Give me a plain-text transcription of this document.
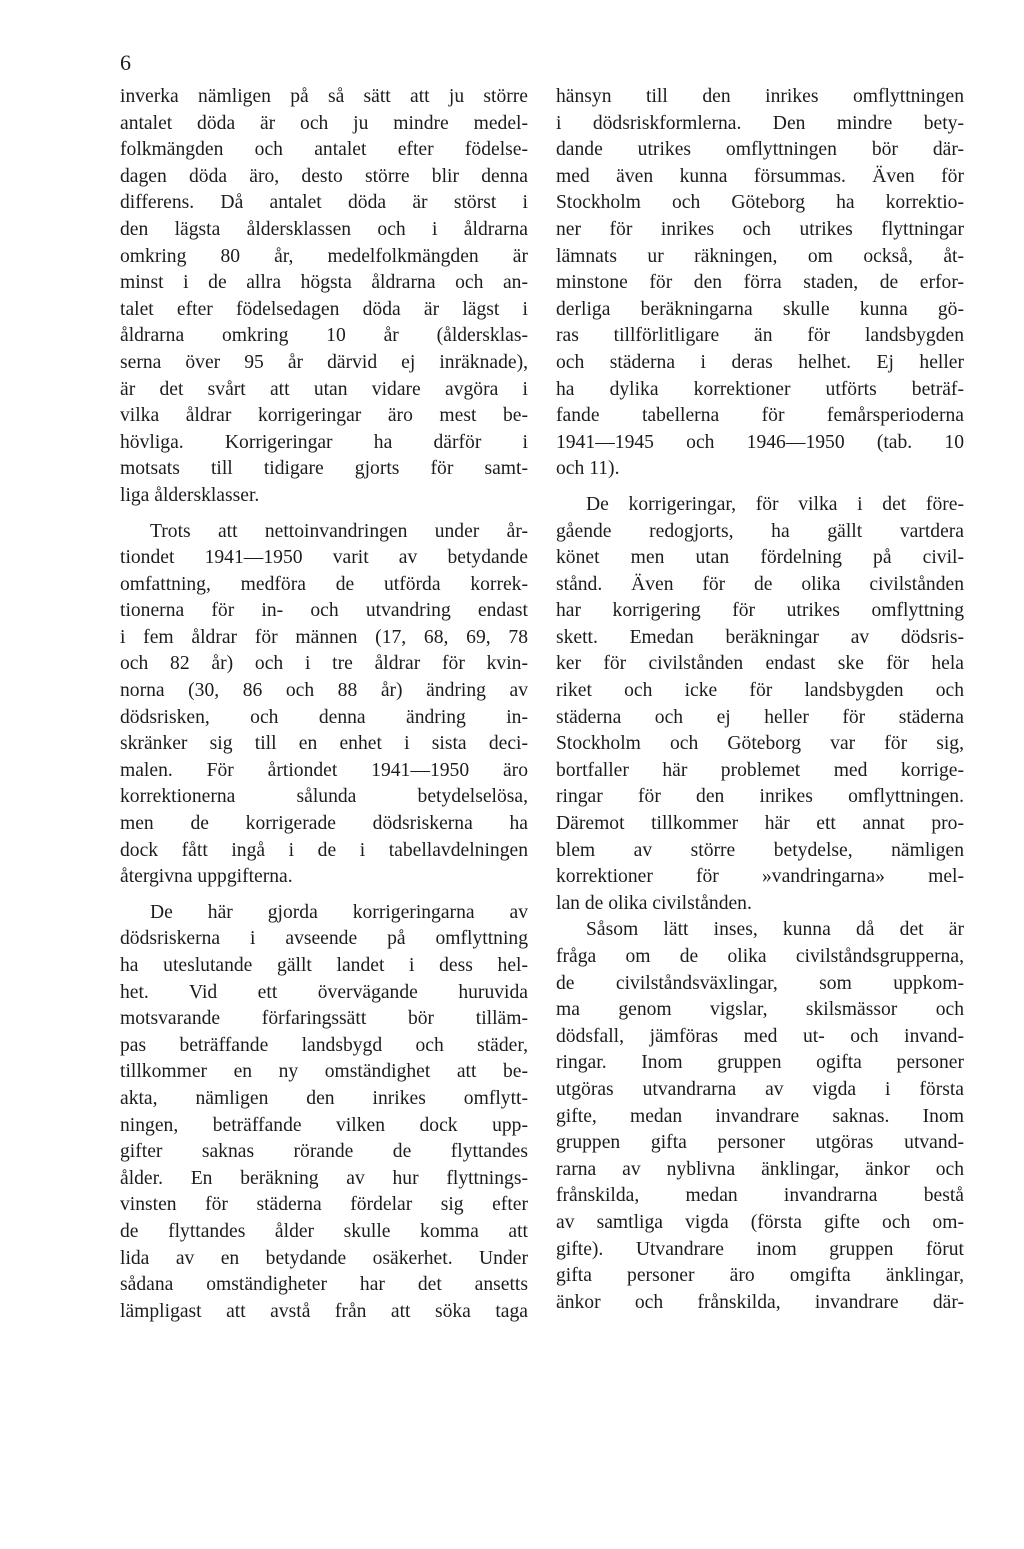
6
inverka nämligen på så sätt att ju större
antalet döda är och ju mindre medel-
folkmängden och antalet efter födelse-
dagen döda äro, desto större blir denna
differens. Då antalet döda är störst i
den lägsta åldersklassen och i åldrarna
omkring 80 år, medelfolkmängden är
minst i de allra högsta åldrarna och an-
talet efter födelsedagen döda är lägst i
åldrarna omkring 10 år (åldersklas-
serna över 95 år därvid ej inräknade),
är det svårt att utan vidare avgöra i
vilka åldrar korrigeringar äro mest be-
hövliga. Korrigeringar ha därför i
motsats till tidigare gjorts för samt-
liga åldersklasser.
Trots att nettoinvandringen under år-
tiondet 1941—1950 varit av betydande
omfattning, medföra de utförda korrek-
tionerna för in- och utvandring endast
i fem åldrar för männen (17, 68, 69, 78
och 82 år) och i tre åldrar för kvin-
norna (30, 86 och 88 år) ändring av
dödsrisken, och denna ändring in-
skränker sig till en enhet i sista deci-
malen. För årtiondet 1941—1950 äro
korrektionerna sålunda betydelselösa,
men de korrigerade dödsriskerna ha
dock fått ingå i de i tabellavdelningen
återgivna uppgifterna.
De här gjorda korrigeringarna av
dödsriskerna i avseende på omflyttning
ha uteslutande gällt landet i dess hel-
het. Vid ett övervägande huruvida
motsvarande förfaringssätt bör tilläm-
pas beträffande landsbygd och städer,
tillkommer en ny omständighet att be-
akta, nämligen den inrikes omflytt-
ningen, beträffande vilken dock upp-
gifter saknas rörande de flyttandes
ålder. En beräkning av hur flyttnings-
vinsten för städerna fördelar sig efter
de flyttandes ålder skulle komma att
lida av en betydande osäkerhet. Under
sådana omständigheter har det ansetts
lämpligast att avstå från att söka taga
hänsyn till den inrikes omflyttningen
i dödsriskformlerna. Den mindre bety-
dande utrikes omflyttningen bör där-
med även kunna försummas. Även för
Stockholm och Göteborg ha korrektio-
ner för inrikes och utrikes flyttningar
lämnats ur räkningen, om också, åt-
minstone för den förra staden, de erfor-
derliga beräkningarna skulle kunna gö-
ras tillförlitligare än för landsbygden
och städerna i deras helhet. Ej heller
ha dylika korrektioner utförts beträf-
fande tabellerna för femårsperioderna
1941—1945 och 1946—1950 (tab. 10
och 11).
De korrigeringar, för vilka i det före-
gående redogjorts, ha gällt vartdera
könet men utan fördelning på civil-
stånd. Även för de olika civilstånden
har korrigering för utrikes omflyttning
skett. Emedan beräkningar av dödsris-
ker för civilstånden endast ske för hela
riket och icke för landsbygden och
städerna och ej heller för städerna
Stockholm och Göteborg var för sig,
bortfaller här problemet med korrige-
ringar för den inrikes omflyttningen.
Däremot tillkommer här ett annat pro-
blem av större betydelse, nämligen
korrektioner för »vandringarna» mel-
lan de olika civilstånden.
Såsom lätt inses, kunna då det är
fråga om de olika civilståndsgrupperna,
de civilståndsväxlingar, som uppkom-
ma genom vigslar, skilsmässor och
dödsfall, jämföras med ut- och invand-
ringar. Inom gruppen ogifta personer
utgöras utvandrarna av vigda i första
gifte, medan invandrare saknas. Inom
gruppen gifta personer utgöras utvand-
rarna av nyblivna änklingar, änkor och
frånskilda, medan invandrarna bestå
av samtliga vigda (första gifte och om-
gifte). Utvandrare inom gruppen förut
gifta personer äro omgifta änklingar,
änkor och frånskilda, invandrare där-
